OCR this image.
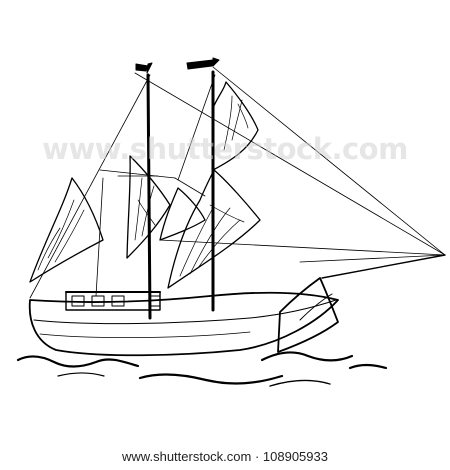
www.shutterstock.com
www.shutterstock.com · 108905933
